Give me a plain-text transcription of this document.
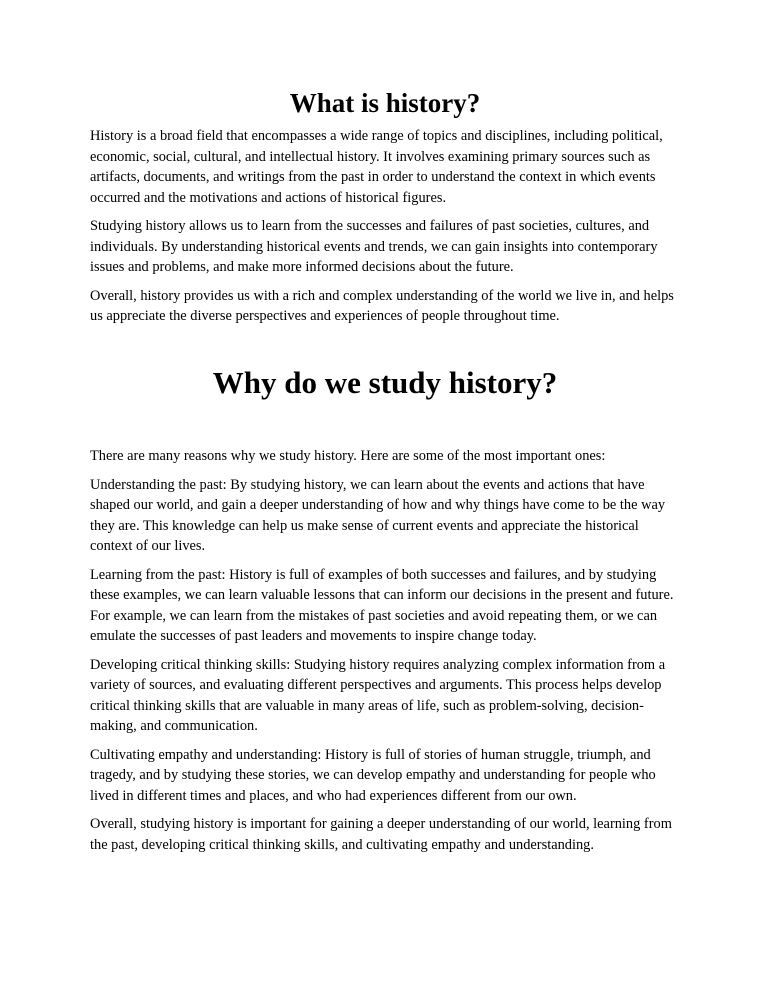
What is history?

History is a broad field that encompasses a wide range of topics and disciplines, including political, economic, social, cultural, and intellectual history. It involves examining primary sources such as artifacts, documents, and writings from the past in order to understand the context in which events occurred and the motivations and actions of historical figures.

Studying history allows us to learn from the successes and failures of past societies, cultures, and individuals. By understanding historical events and trends, we can gain insights into contemporary issues and problems, and make more informed decisions about the future.

Overall, history provides us with a rich and complex understanding of the world we live in, and helps us appreciate the diverse perspectives and experiences of people throughout time.

Why do we study history?

There are many reasons why we study history. Here are some of the most important ones:

Understanding the past: By studying history, we can learn about the events and actions that have shaped our world, and gain a deeper understanding of how and why things have come to be the way they are. This knowledge can help us make sense of current events and appreciate the historical context of our lives.

Learning from the past: History is full of examples of both successes and failures, and by studying these examples, we can learn valuable lessons that can inform our decisions in the present and future. For example, we can learn from the mistakes of past societies and avoid repeating them, or we can emulate the successes of past leaders and movements to inspire change today.

Developing critical thinking skills: Studying history requires analyzing complex information from a variety of sources, and evaluating different perspectives and arguments. This process helps develop critical thinking skills that are valuable in many areas of life, such as problem-solving, decision-making, and communication.

Cultivating empathy and understanding: History is full of stories of human struggle, triumph, and tragedy, and by studying these stories, we can develop empathy and understanding for people who lived in different times and places, and who had experiences different from our own.

Overall, studying history is important for gaining a deeper understanding of our world, learning from the past, developing critical thinking skills, and cultivating empathy and understanding.
